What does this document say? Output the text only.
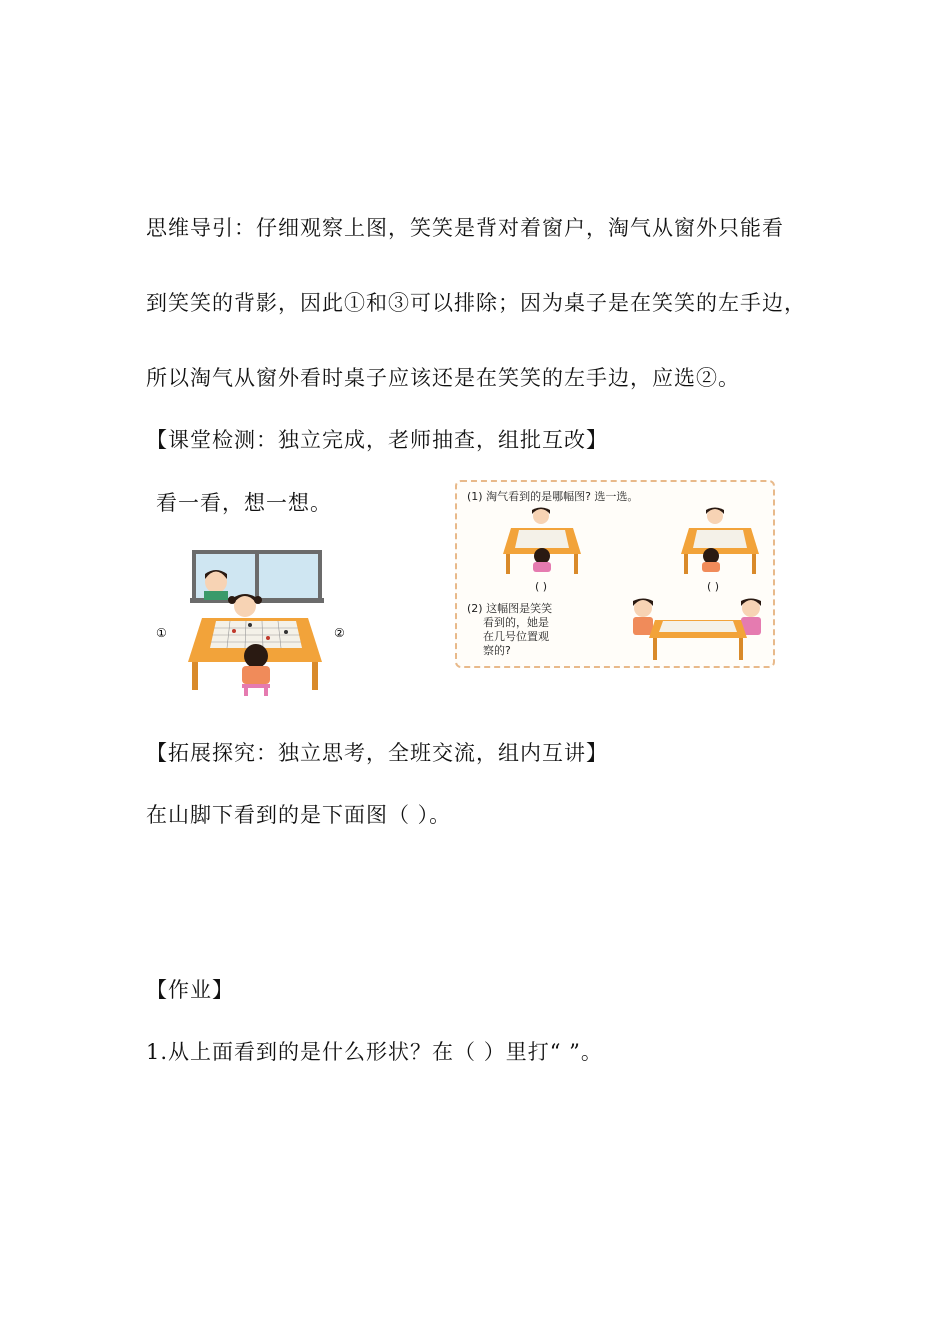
思维导引：仔细观察上图，笑笑是背对着窗户，淘气从窗外只能看
到笑笑的背影，因此①和③可以排除；因为桌子是在笑笑的左手边，
所以淘气从窗外看时桌子应该还是在笑笑的左手边，应选②。
【课堂检测：独立完成，老师抽查，组批互改】
看一看，想一想。
①	②
(1) 淘气看到的是哪幅图? 选一选。
( )	( )
(2) 这幅图是笑笑
看到的，她是
在几号位置观
察的?
【拓展探究：独立思考，全班交流，组内互讲】
在山脚下看到的是下面图（ ）。
【作业】
1.从上面看到的是什么形状？在（ ）里打“ ”。
